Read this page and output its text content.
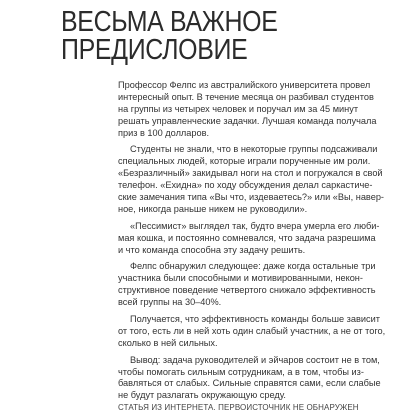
ВЕСЬМА ВАЖНОЕ
ПРЕДИСЛОВИЕ
Профессор Фелпс из австралийского университета провел
интересный опыт. В течение месяца он разбивал студентов
на группы из четырех человек и поручал им за 45 минут
решать управленческие задачки. Лучшая команда получала
приз в 100 долларов.
Студенты не знали, что в некоторые группы подсаживали
специальных людей, которые играли порученные им роли.
«Безразличный» закидывал ноги на стол и погружался в свой
телефон. «Ехидна» по ходу обсуждения делал саркастиче-
ские замечания типа «Вы что, издеваетесь?» или «Вы, навер-
ное, никогда раньше никем не руководили».
«Пессимист» выглядел так, будто вчера умерла его люби-
мая кошка, и постоянно сомневался, что задача разрешима
и что команда способна эту задачу решить.
Фелпс обнаружил следующее: даже когда остальные три
участника были способными и мотивированными, некон-
структивное поведение четвертого снижало эффективность
всей группы на 30–40%.
Получается, что эффективность команды больше зависит
от того, есть ли в ней хоть один слабый участник, а не от того,
сколько в ней сильных.
Вывод: задача руководителей и эйчаров состоит не в том,
чтобы помогать сильным сотрудникам, а в том, чтобы из-
бавляться от слабых. Сильные справятся сами, если слабые
не будут разлагать окружающую среду.
СТАТЬЯ ИЗ ИНТЕРНЕТА. ПЕРВОИСТОЧНИК НЕ ОБНАРУЖЕН
